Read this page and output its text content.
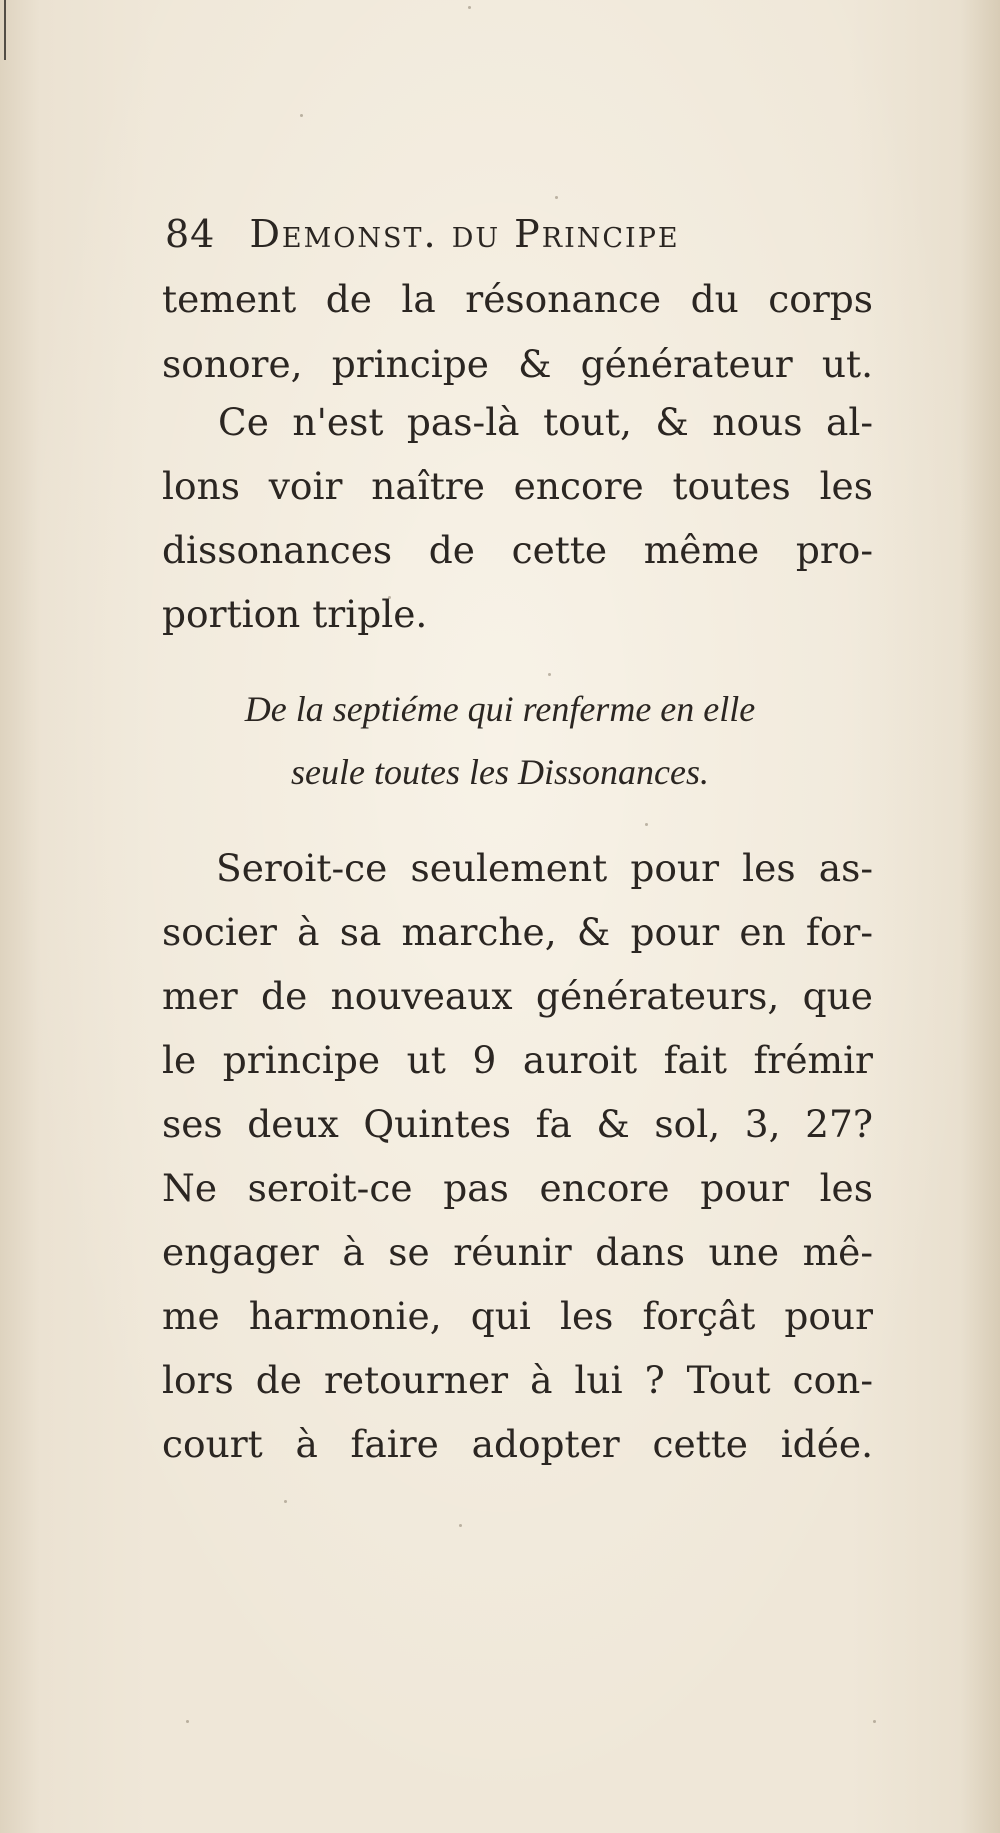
84 Demonst. du Principe
tement de la résonance du corps
sonore, principe & générateur ut.
Ce n'est pas-là tout, & nous al-
lons voir naître encore toutes les
dissonances de cette même pro-
portion triple.
De la septiéme qui renferme en elle
seule toutes les Dissonances.
Seroit-ce seulement pour les as-
socier à sa marche, & pour en for-
mer de nouveaux générateurs, que
le principe ut 9 auroit fait frémir
ses deux Quintes fa & sol, 3, 27?
Ne seroit-ce pas encore pour les
engager à se réunir dans une mê-
me harmonie, qui les forçât pour
lors de retourner à lui ? Tout con-
court à faire adopter cette idée.
